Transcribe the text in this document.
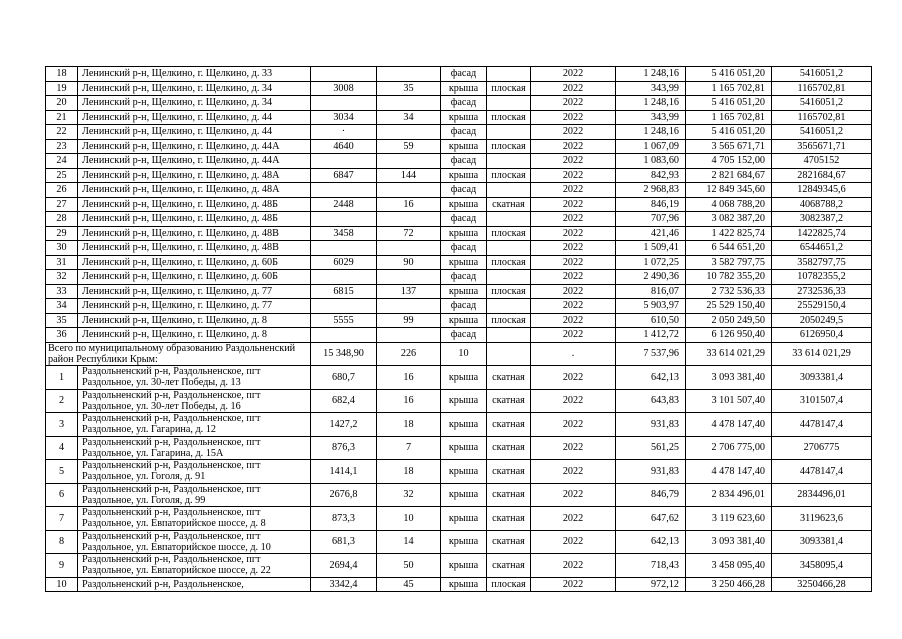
18	Ленинский р-н, Щелкино, г. Щелкино, д. 33			фасад		2022	1 248,16	5 416 051,20	5416051,2
19	Ленинский р-н, Щелкино, г. Щелкино, д. 34	3008	35	крыша	плоская	2022	343,99	1 165 702,81	1165702,81
20	Ленинский р-н, Щелкино, г. Щелкино, д. 34			фасад		2022	1 248,16	5 416 051,20	5416051,2
21	Ленинский р-н, Щелкино, г. Щелкино, д. 44	3034	34	крыша	плоская	2022	343,99	1 165 702,81	1165702,81
22	Ленинский р-н, Щелкино, г. Щелкино, д. 44	·		фасад		2022	1 248,16	5 416 051,20	5416051,2
23	Ленинский р-н, Щелкино, г. Щелкино, д. 44А	4640	59	крыша	плоская	2022	1 067,09	3 565 671,71	3565671,71
24	Ленинский р-н, Щелкино, г. Щелкино, д. 44А			фасад		2022	1 083,60	4 705 152,00	4705152
25	Ленинский р-н, Щелкино, г. Щелкино, д. 48А	6847	144	крыша	плоская	2022	842,93	2 821 684,67	2821684,67
26	Ленинский р-н, Щелкино, г. Щелкино, д. 48А			фасад		2022	2 968,83	12 849 345,60	12849345,6
27	Ленинский р-н, Щелкино, г. Щелкино, д. 48Б	2448	16	крыша	скатная	2022	846,19	4 068 788,20	4068788,2
28	Ленинский р-н, Щелкино, г. Щелкино, д. 48Б			фасад		2022	707,96	3 082 387,20	3082387,2
29	Ленинский р-н, Щелкино, г. Щелкино, д. 48В	3458	72	крыша	плоская	2022	421,46	1 422 825,74	1422825,74
30	Ленинский р-н, Щелкино, г. Щелкино, д. 48В			фасад		2022	1 509,41	6 544 651,20	6544651,2
31	Ленинский р-н, Щелкино, г. Щелкино, д. 60Б	6029	90	крыша	плоская	2022	1 072,25	3 582 797,75	3582797,75
32	Ленинский р-н, Щелкино, г. Щелкино, д. 60Б			фасад		2022	2 490,36	10 782 355,20	10782355,2
33	Ленинский р-н, Щелкино, г. Щелкино, д. 77	6815	137	крыша	плоская	2022	816,07	2 732 536,33	2732536,33
34	Ленинский р-н, Щелкино, г. Щелкино, д. 77			фасад		2022	5 903,97	25 529 150,40	25529150,4
35	Ленинский р-н, Щелкино, г. Щелкино, д. 8	5555	99	крыша	плоская	2022	610,50	2 050 249,50	2050249,5
36	Ленинский р-н, Щелкино, г. Щелкино, д. 8			фасад		2022	1 412,72	6 126 950,40	6126950,4
Всего по муниципальному образованию Раздольненский район Республики Крым:		15 348,90	226	10		.	7 537,96	33 614 021,29	33 614 021,29
1	Раздольненский р-н, Раздольненское, пгт Раздольное, ул. 30-лет Победы, д. 13	680,7	16	крыша	скатная	2022	642,13	3 093 381,40	3093381,4
2	Раздольненский р-н, Раздольненское, пгт Раздольное, ул. 30-лет Победы, д. 16	682,4	16	крыша	скатная	2022	643,83	3 101 507,40	3101507,4
3	Раздольненский р-н, Раздольненское, пгт Раздольное, ул. Гагарина, д. 12	1427,2	18	крыша	скатная	2022	931,83	4 478 147,40	4478147,4
4	Раздольненский р-н, Раздольненское, пгт Раздольное, ул. Гагарина, д. 15А	876,3	7	крыша	скатная	2022	561,25	2 706 775,00	2706775
5	Раздольненский р-н, Раздольненское, пгт Раздольное, ул. Гоголя, д. 91	1414,1	18	крыша	скатная	2022	931,83	4 478 147,40	4478147,4
6	Раздольненский р-н, Раздольненское, пгт Раздольное, ул. Гоголя, д. 99	2676,8	32	крыша	скатная	2022	846,79	2 834 496,01	2834496,01
7	Раздольненский р-н, Раздольненское, пгт Раздольное, ул. Евпаторийское шоссе, д. 8	873,3	10	крыша	скатная	2022	647,62	3 119 623,60	3119623,6
8	Раздольненский р-н, Раздольненское, пгт Раздольное, ул. Евпаторийское шоссе, д. 10	681,3	14	крыша	скатная	2022	642,13	3 093 381,40	3093381,4
9	Раздольненский р-н, Раздольненское, пгт Раздольное, ул. Евпаторийское шоссе, д. 22	2694,4	50	крыша	скатная	2022	718,43	3 458 095,40	3458095,4
10	Раздольненский р-н, Раздольненское,	3342,4	45	крыша	плоская	2022	972,12	3 250 466,28	3250466,28
